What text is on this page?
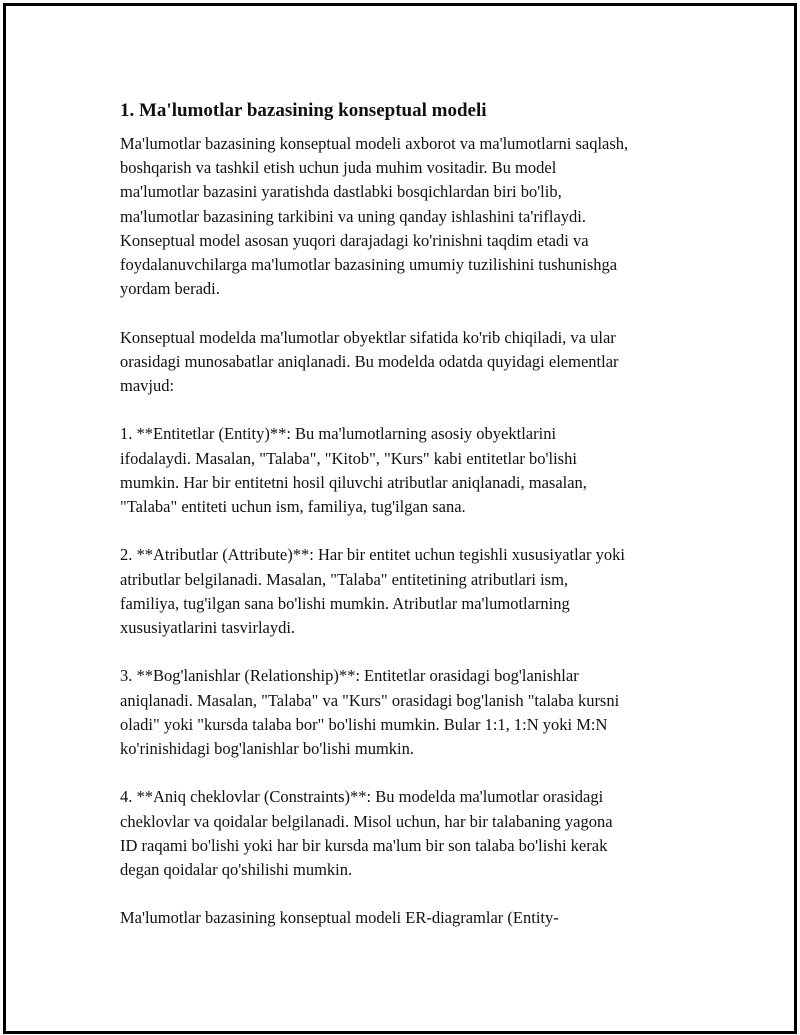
1. Ma'lumotlar bazasining konseptual modeli
Ma'lumotlar bazasining konseptual modeli axborot va ma'lumotlarni saqlash,
boshqarish va tashkil etish uchun juda muhim vositadir. Bu model
ma'lumotlar bazasini yaratishda dastlabki bosqichlardan biri bo'lib,
ma'lumotlar bazasining tarkibini va uning qanday ishlashini ta'riflaydi.
Konseptual model asosan yuqori darajadagi ko'rinishni taqdim etadi va
foydalanuvchilarga ma'lumotlar bazasining umumiy tuzilishini tushunishga
yordam beradi.
Konseptual modelda ma'lumotlar obyektlar sifatida ko'rib chiqiladi, va ular
orasidagi munosabatlar aniqlanadi. Bu modelda odatda quyidagi elementlar
mavjud:
1. **Entitetlar (Entity)**: Bu ma'lumotlarning asosiy obyektlarini
ifodalaydi. Masalan, "Talaba", "Kitob", "Kurs" kabi entitetlar bo'lishi
mumkin. Har bir entitetni hosil qiluvchi atributlar aniqlanadi, masalan,
"Talaba" entiteti uchun ism, familiya, tug'ilgan sana.
2. **Atributlar (Attribute)**: Har bir entitet uchun tegishli xususiyatlar yoki
atributlar belgilanadi. Masalan, "Talaba" entitetining atributlari ism,
familiya, tug'ilgan sana bo'lishi mumkin. Atributlar ma'lumotlarning
xususiyatlarini tasvirlaydi.
3. **Bog'lanishlar (Relationship)**: Entitetlar orasidagi bog'lanishlar
aniqlanadi. Masalan, "Talaba" va "Kurs" orasidagi bog'lanish "talaba kursni
oladi" yoki "kursda talaba bor" bo'lishi mumkin. Bular 1:1, 1:N yoki M:N
ko'rinishidagi bog'lanishlar bo'lishi mumkin.
4. **Aniq cheklovlar (Constraints)**: Bu modelda ma'lumotlar orasidagi
cheklovlar va qoidalar belgilanadi. Misol uchun, har bir talabaning yagona
ID raqami bo'lishi yoki har bir kursda ma'lum bir son talaba bo'lishi kerak
degan qoidalar qo'shilishi mumkin.
Ma'lumotlar bazasining konseptual modeli ER-diagramlar (Entity-
